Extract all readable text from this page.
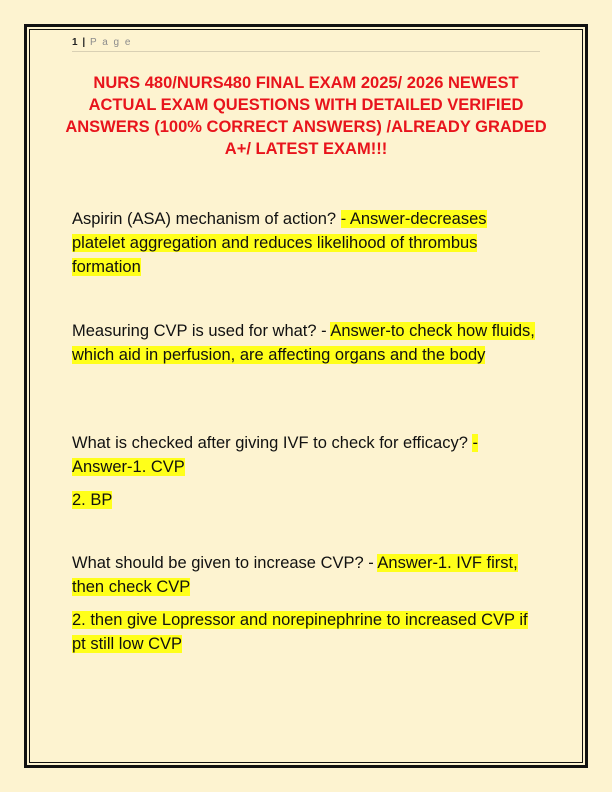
1 | P a g e
NURS 480/NURS480 FINAL EXAM 2025/ 2026 NEWEST ACTUAL EXAM QUESTIONS WITH DETAILED VERIFIED ANSWERS (100% CORRECT ANSWERS) /ALREADY GRADED A+/ LATEST EXAM!!!

Aspirin (ASA) mechanism of action? - Answer-decreases platelet aggregation and reduces likelihood of thrombus formation

Measuring CVP is used for what? - Answer-to check how fluids, which aid in perfusion, are affecting organs and the body

What is checked after giving IVF to check for efficacy? - Answer-1. CVP

2. BP

What should be given to increase CVP? - Answer-1. IVF first, then check CVP

2. then give Lopressor and norepinephrine to increased CVP if pt still low CVP
